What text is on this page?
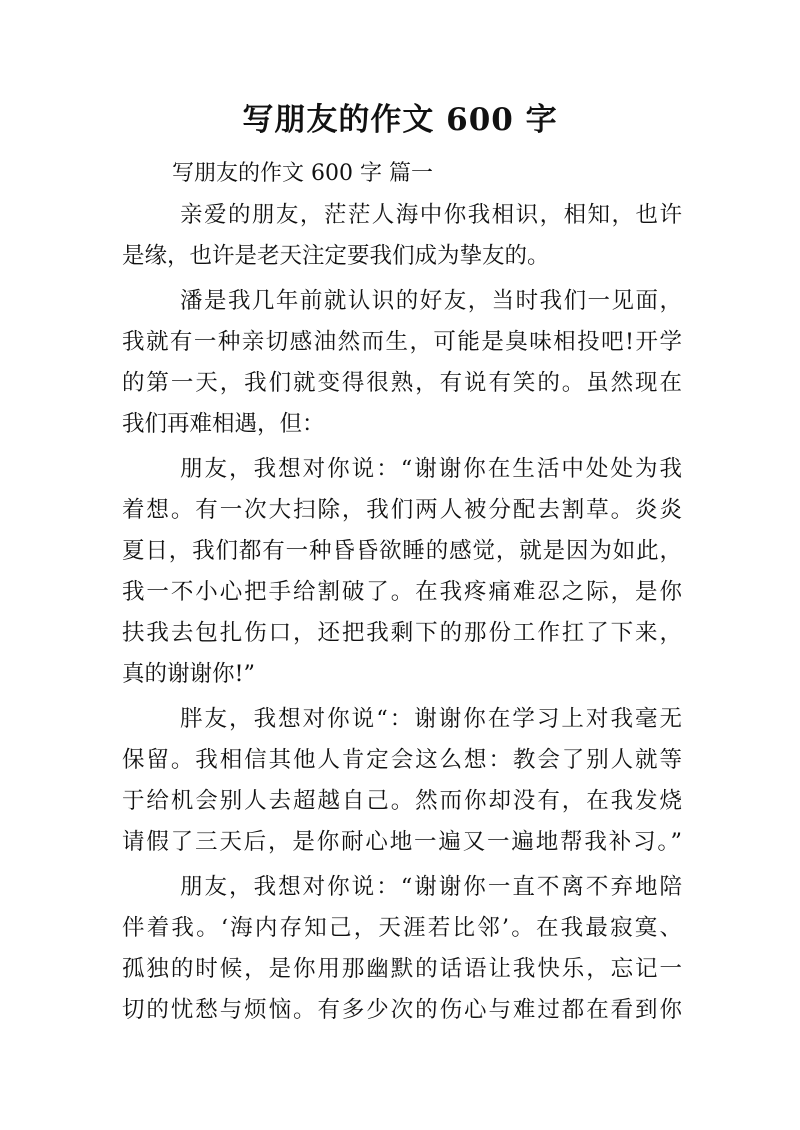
写朋友的作文 600 字
写朋友的作文 600 字 篇一
亲爱的朋友，茫茫人海中你我相识，相知，也许
是缘，也许是老天注定要我们成为挚友的。
潘是我几年前就认识的好友，当时我们一见面，
我就有一种亲切感油然而生，可能是臭味相投吧!开学
的第一天，我们就变得很熟，有说有笑的。虽然现在
我们再难相遇，但：
朋友，我想对你说：“谢谢你在生活中处处为我
着想。有一次大扫除，我们两人被分配去割草。炎炎
夏日，我们都有一种昏昏欲睡的感觉，就是因为如此，
我一不小心把手给割破了。在我疼痛难忍之际，是你
扶我去包扎伤口，还把我剩下的那份工作扛了下来，
真的谢谢你!”
胖友，我想对你说“：谢谢你在学习上对我毫无
保留。我相信其他人肯定会这么想：教会了别人就等
于给机会别人去超越自己。然而你却没有，在我发烧
请假了三天后，是你耐心地一遍又一遍地帮我补习。”
朋友，我想对你说：“谢谢你一直不离不弃地陪
伴着我。‘海内存知己，天涯若比邻’。在我最寂寞、
孤独的时候，是你用那幽默的话语让我快乐，忘记一
切的忧愁与烦恼。有多少次的伤心与难过都在看到你
